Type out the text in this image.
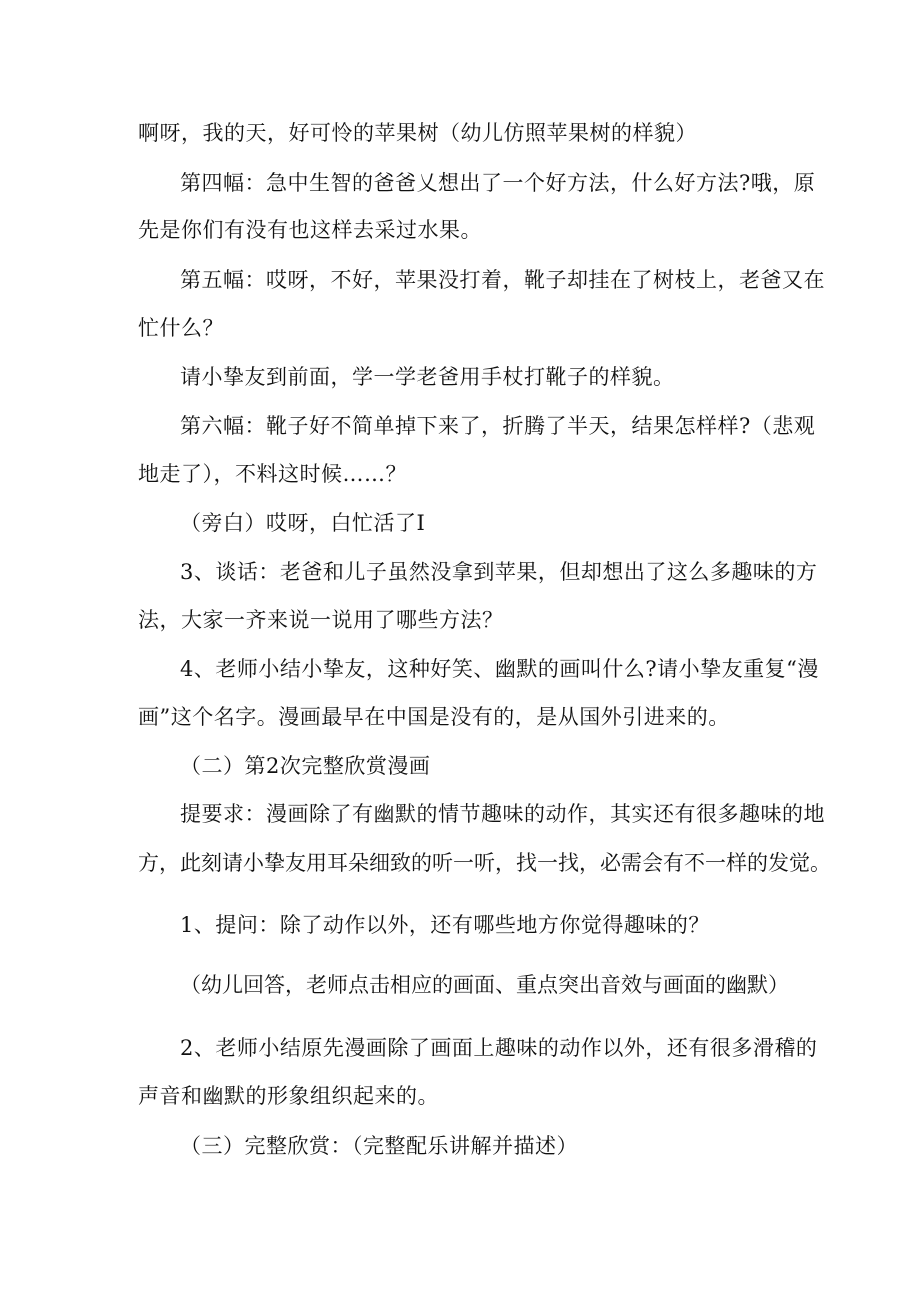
啊呀，我的天，好可怜的苹果树（幼儿仿照苹果树的样貌）
第四幅：急中生智的爸爸乂想出了一个好方法，什么好方法?哦，原
先是你们有没有也这样去采过水果。
第五幅：哎呀，不好，苹果没打着，靴子却挂在了树枝上，老爸又在
忙什么？
请小挚友到前面，学一学老爸用手杖打靴子的样貌。
第六幅：靴子好不简单掉下来了，折腾了半天，结果怎样样?（悲观
地走了），不料这时候……？
（旁白）哎呀，白忙活了I
3、谈话：老爸和儿子虽然没拿到苹果，但却想出了这么多趣味的方
法，大家一齐来说一说用了哪些方法？
4、老师小结小挚友，这种好笑、幽默的画叫什么?请小挚友重复“漫
画”这个名字。漫画最早在中国是没有的，是从国外引进来的。
（二）第2次完整欣赏漫画
提要求：漫画除了有幽默的情节趣味的动作，其实还有很多趣味的地
方，此刻请小挚友用耳朵细致的听一听，找一找，必需会有不一样的发觉。
1、提问：除了动作以外，还有哪些地方你觉得趣味的？
（幼儿回答，老师点击相应的画面、重点突出音效与画面的幽默）
2、老师小结原先漫画除了画面上趣味的动作以外，还有很多滑稽的
声音和幽默的形象组织起来的。
（三）完整欣赏：（完整配乐讲解并描述）
